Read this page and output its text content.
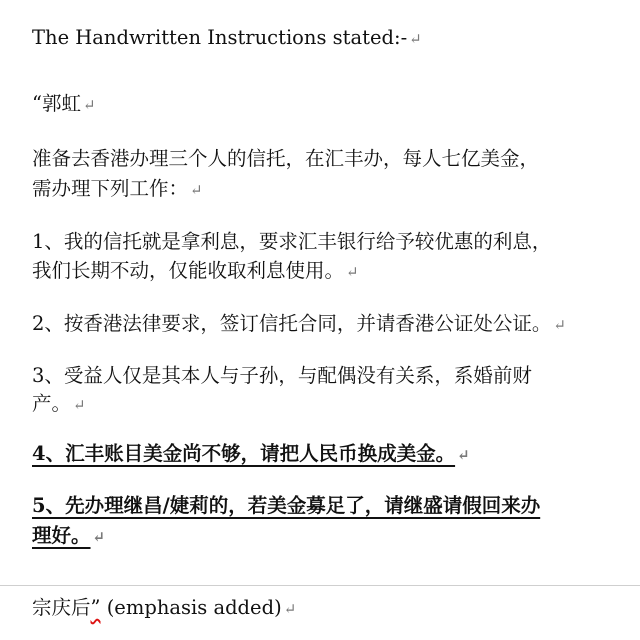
The Handwritten Instructions stated:- ↵
“郭虹 ↵
准备去香港办理三个人的信托，在汇丰办，每人七亿美金，
需办理下列工作： ↵
1、我的信托就是拿利息，要求汇丰银行给予较优惠的利息，
我们长期不动，仅能收取利息使用。 ↵
2、按香港法律要求，签订信托合同，并请香港公证处公证。 ↵
3、受益人仅是其本人与子孙，与配偶没有关系，系婚前财
产。 ↵
4、汇丰账目美金尚不够，请把人民币换成美金。 ↵
5、先办理继昌/婕莉的，若美金募足了，请继盛请假回来办
理好。 ↵
宗庆后” (emphasis added) ↵
